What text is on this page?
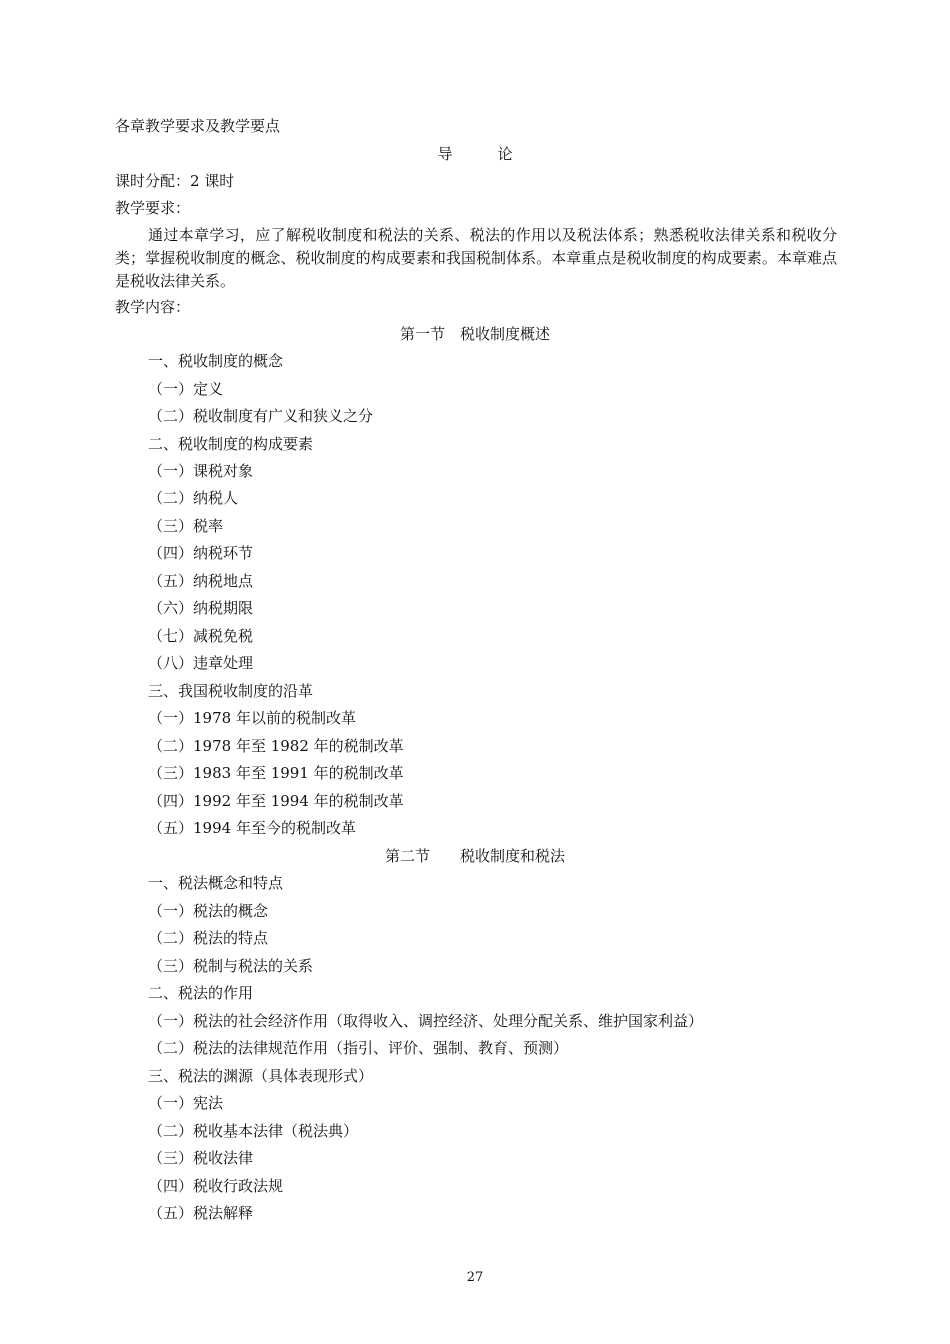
各章教学要求及教学要点
导　　　论
课时分配：2 课时
教学要求：
通过本章学习，应了解税收制度和税法的关系、税法的作用以及税法体系；熟悉税收法律关系和税收分类；掌握税收制度的概念、税收制度的构成要素和我国税制体系。本章重点是税收制度的构成要素。本章难点是税收法律关系。
教学内容：
第一节　税收制度概述
一、税收制度的概念
（一）定义
（二）税收制度有广义和狭义之分
二、税收制度的构成要素
（一）课税对象
（二）纳税人
（三）税率
（四）纳税环节
（五）纳税地点
（六）纳税期限
（七）减税免税
（八）违章处理
三、我国税收制度的沿革
（一）1978 年以前的税制改革
（二）1978 年至 1982 年的税制改革
（三）1983 年至 1991 年的税制改革
（四）1992 年至 1994 年的税制改革
（五）1994 年至今的税制改革
第二节　　税收制度和税法
一、税法概念和特点
（一）税法的概念
（二）税法的特点
（三）税制与税法的关系
二、税法的作用
（一）税法的社会经济作用（取得收入、调控经济、处理分配关系、维护国家利益）
（二）税法的法律规范作用（指引、评价、强制、教育、预测）
三、税法的渊源（具体表现形式）
（一）宪法
（二）税收基本法律（税法典）
（三）税收法律
（四）税收行政法规
（五）税法解释
27
